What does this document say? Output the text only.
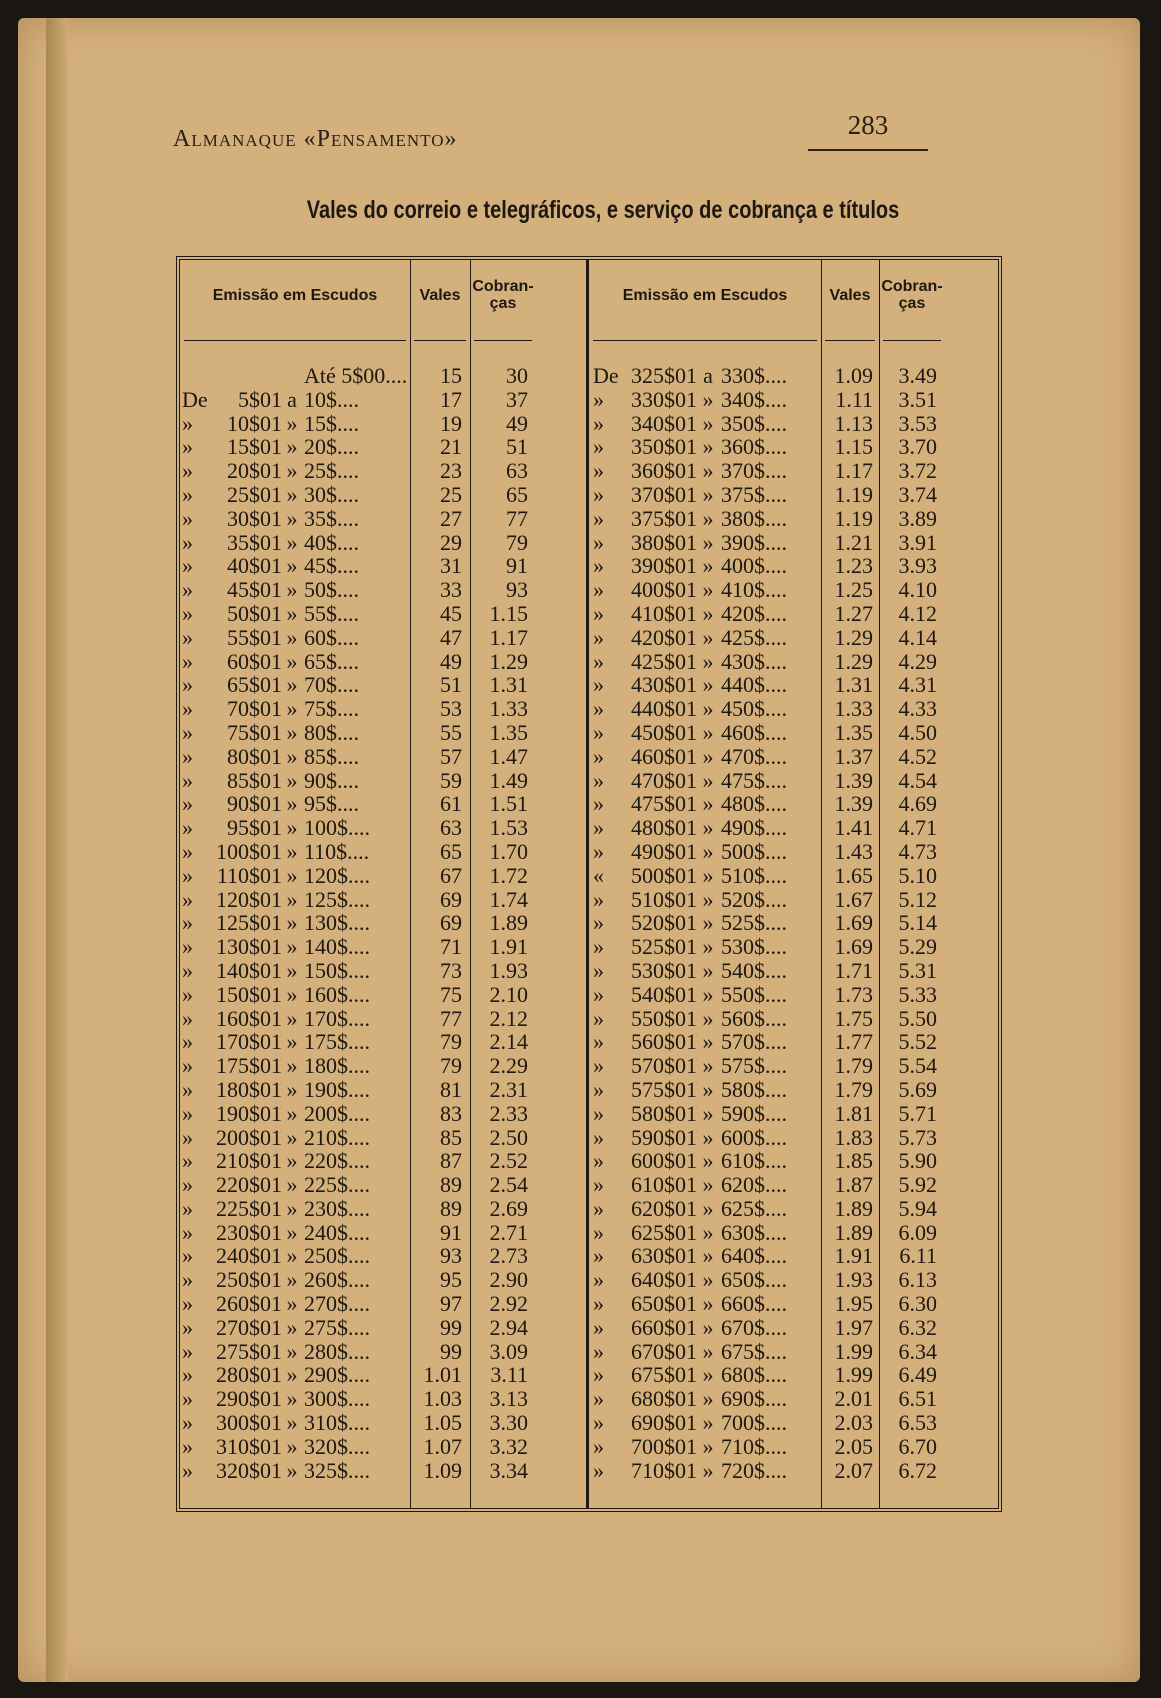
Almanaque «Pensamento»	283
Vales do correio e telegráficos, e serviço de cobrança e títulos
Emissão em Escudos	Vales Cobran-ças
Até 5$00....	15	30
De	5$01 a 10$....	17	37
»	10$01 » 15$....	19	49
»	15$01 » 20$....	21	51
»	20$01 » 25$....	23	63
»	25$01 » 30$....	25	65
»	30$01 » 35$....	27	77
»	35$01 » 40$....	29	79
»	40$01 » 45$....	31	91
»	45$01 » 50$....	33	93
»	50$01 » 55$....	45	1.15
»	55$01 » 60$....	47	1.17
»	60$01 » 65$....	49	1.29
»	65$01 » 70$....	51	1.31
»	70$01 » 75$....	53	1.33
»	75$01 » 80$....	55	1.35
»	80$01 » 85$....	57	1.47
»	85$01 » 90$....	59	1.49
»	90$01 » 95$....	61	1.51
»	95$01 » 100$....	63	1.53
»	100$01 » 110$....	65	1.70
»	110$01 » 120$....	67	1.72
»	120$01 » 125$....	69	1.74
»	125$01 » 130$....	69	1.89
»	130$01 » 140$....	71	1.91
»	140$01 » 150$....	73	1.93
»	150$01 » 160$....	75	2.10
»	160$01 » 170$....	77	2.12
»	170$01 » 175$....	79	2.14
»	175$01 » 180$....	79	2.29
»	180$01 » 190$....	81	2.31
»	190$01 » 200$....	83	2.33
»	200$01 » 210$....	85	2.50
»	210$01 » 220$....	87	2.52
»	220$01 » 225$....	89	2.54
»	225$01 » 230$....	89	2.69
»	230$01 » 240$....	91	2.71
»	240$01 » 250$....	93	2.73
»	250$01 » 260$....	95	2.90
»	260$01 » 270$....	97	2.92
»	270$01 » 275$....	99	2.94
»	275$01 » 280$....	99	3.09
»	280$01 » 290$....	1.01	3.11
»	290$01 » 300$....	1.03	3.13
»	300$01 » 310$....	1.05	3.30
»	310$01 » 320$....	1.07	3.32
»	320$01 » 325$....	1.09	3.34
Emissão em Escudos	Vales Cobran-ças
De 325$01 a 330$....	1.09	3.49
»	330$01 » 340$....	1.11	3.51
»	340$01 » 350$....	1.13	3.53
»	350$01 » 360$....	1.15	3.70
»	360$01 » 370$....	1.17	3.72
»	370$01 » 375$....	1.19	3.74
»	375$01 » 380$....	1.19	3.89
»	380$01 » 390$....	1.21	3.91
»	390$01 » 400$....	1.23	3.93
»	400$01 » 410$....	1.25	4.10
»	410$01 » 420$....	1.27	4.12
»	420$01 » 425$....	1.29	4.14
»	425$01 » 430$....	1.29	4.29
»	430$01 » 440$....	1.31	4.31
»	440$01 » 450$....	1.33	4.33
»	450$01 » 460$....	1.35	4.50
»	460$01 » 470$....	1.37	4.52
»	470$01 » 475$....	1.39	4.54
»	475$01 » 480$....	1.39	4.69
»	480$01 » 490$....	1.41	4.71
»	490$01 » 500$....	1.43	4.73
«	500$01 » 510$....	1.65	5.10
»	510$01 » 520$....	1.67	5.12
»	520$01 » 525$....	1.69	5.14
»	525$01 » 530$....	1.69	5.29
»	530$01 » 540$....	1.71	5.31
»	540$01 » 550$....	1.73	5.33
»	550$01 » 560$....	1.75	5.50
»	560$01 » 570$....	1.77	5.52
»	570$01 » 575$....	1.79	5.54
»	575$01 » 580$....	1.79	5.69
»	580$01 » 590$....	1.81	5.71
»	590$01 » 600$....	1.83	5.73
»	600$01 » 610$....	1.85	5.90
»	610$01 » 620$....	1.87	5.92
»	620$01 » 625$....	1.89	5.94
»	625$01 » 630$....	1.89	6.09
»	630$01 » 640$....	1.91	6.11
»	640$01 » 650$....	1.93	6.13
»	650$01 » 660$....	1.95	6.30
»	660$01 » 670$....	1.97	6.32
»	670$01 » 675$....	1.99	6.34
»	675$01 » 680$....	1.99	6.49
»	680$01 » 690$....	2.01	6.51
»	690$01 » 700$....	2.03	6.53
»	700$01 » 710$....	2.05	6.70
»	710$01 » 720$....	2.07	6.72
